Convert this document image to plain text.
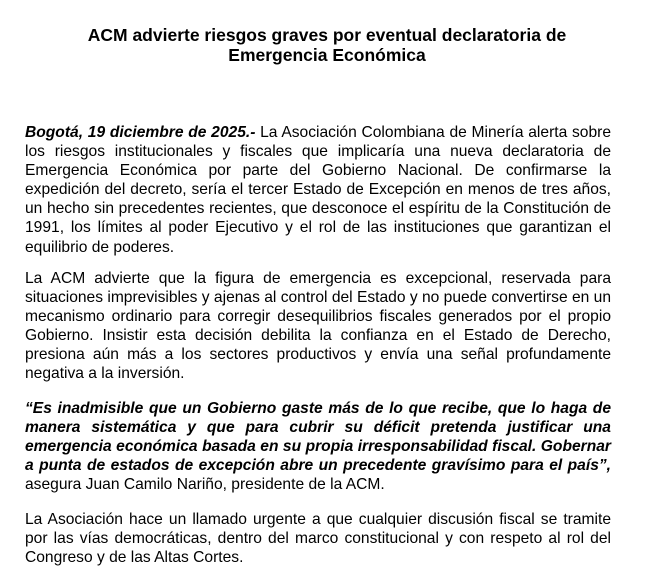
ACM advierte riesgos graves por eventual declaratoria de
Emergencia Económica

Bogotá, 19 diciembre de 2025.- La Asociación Colombiana de Minería alerta sobre los riesgos institucionales y fiscales que implicaría una nueva declaratoria de Emergencia Económica por parte del Gobierno Nacional. De confirmarse la expedición del decreto, sería el tercer Estado de Excepción en menos de tres años, un hecho sin precedentes recientes, que desconoce el espíritu de la Constitución de 1991, los límites al poder Ejecutivo y el rol de las instituciones que garantizan el equilibrio de poderes.

La ACM advierte que la figura de emergencia es excepcional, reservada para situaciones imprevisibles y ajenas al control del Estado y no puede convertirse en un mecanismo ordinario para corregir desequilibrios fiscales generados por el propio Gobierno. Insistir esta decisión debilita la confianza en el Estado de Derecho, presiona aún más a los sectores productivos y envía una señal profundamente negativa a la inversión.

“Es inadmisible que un Gobierno gaste más de lo que recibe, que lo haga de manera sistemática y que para cubrir su déficit pretenda justificar una emergencia económica basada en su propia irresponsabilidad fiscal. Gobernar a punta de estados de excepción abre un precedente gravísimo para el país”, asegura Juan Camilo Nariño, presidente de la ACM.

La Asociación hace un llamado urgente a que cualquier discusión fiscal se tramite por las vías democráticas, dentro del marco constitucional y con respeto al rol del Congreso y de las Altas Cortes.
